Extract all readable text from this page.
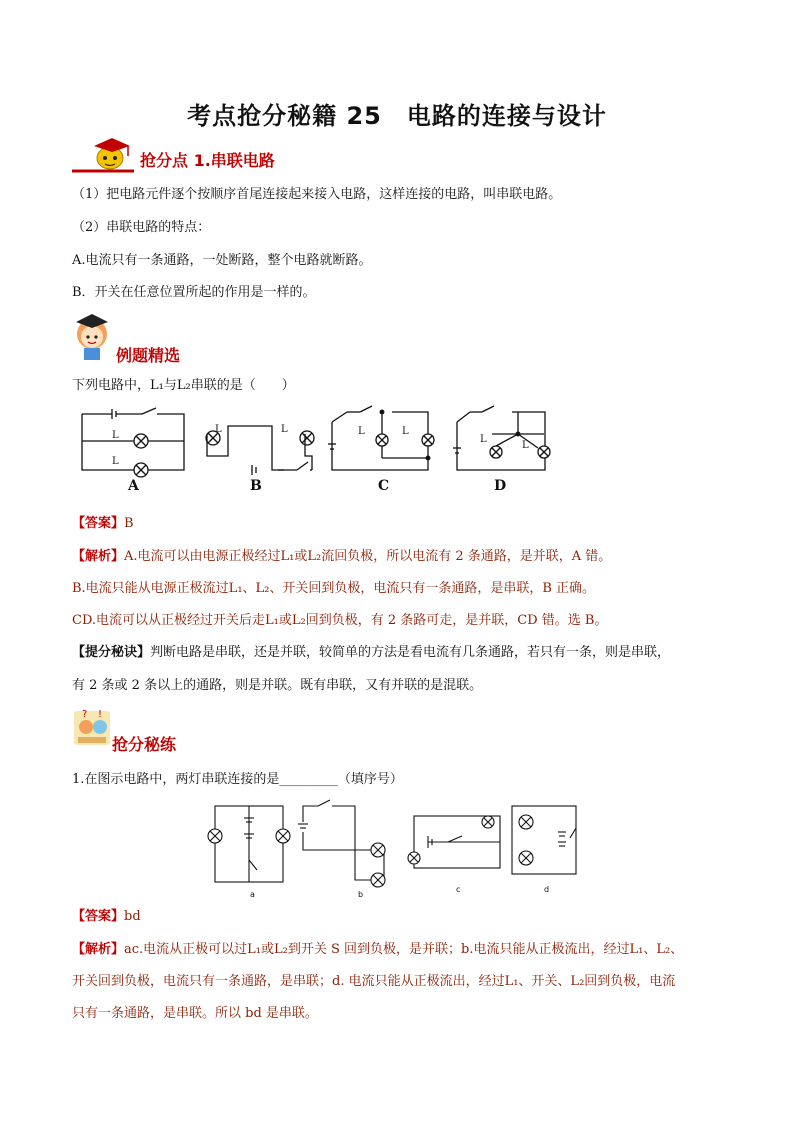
考点抢分秘籍 25　电路的连接与设计
抢分点 1.串联电路
（1）把电路元件逐个按顺序首尾连接起来接入电路，这样连接的电路，叫串联电路。
（2）串联电路的特点：
A.电流只有一条通路，一处断路，整个电路就断路。
B．开关在任意位置所起的作用是一样的。
例题精选
下列电路中，L₁与L₂串联的是（　　）
L
L
L	L	L	L
L
L
A	B	C	D
【答案】B
【解析】A.电流可以由电源正极经过L₁或L₂流回负极，所以电流有 2 条通路，是并联，A 错。
B.电流只能从电源正极流过L₁、L₂、开关回到负极，电流只有一条通路，是串联，B 正确。
CD.电流可以从正极经过开关后走L₁或L₂回到负极，有 2 条路可走，是并联，CD 错。选 B。
【提分秘诀】判断电路是串联，还是并联，较简单的方法是看电流有几条通路，若只有一条，则是串联，
有 2 条或 2 条以上的通路，则是并联。既有串联，又有并联的是混联。
? !
抢分秘练
1.在图示电路中，两灯串联连接的是_________（填序号）
a	b
c	d
【答案】bd
【解析】ac.电流从正极可以过L₁或L₂到开关 S 回到负极，是并联；b.电流只能从正极流出，经过L₁、L₂、
开关回到负极，电流只有一条通路，是串联；d. 电流只能从正极流出，经过L₁、开关、L₂回到负极，电流
只有一条通路，是串联。所以 bd 是串联。
